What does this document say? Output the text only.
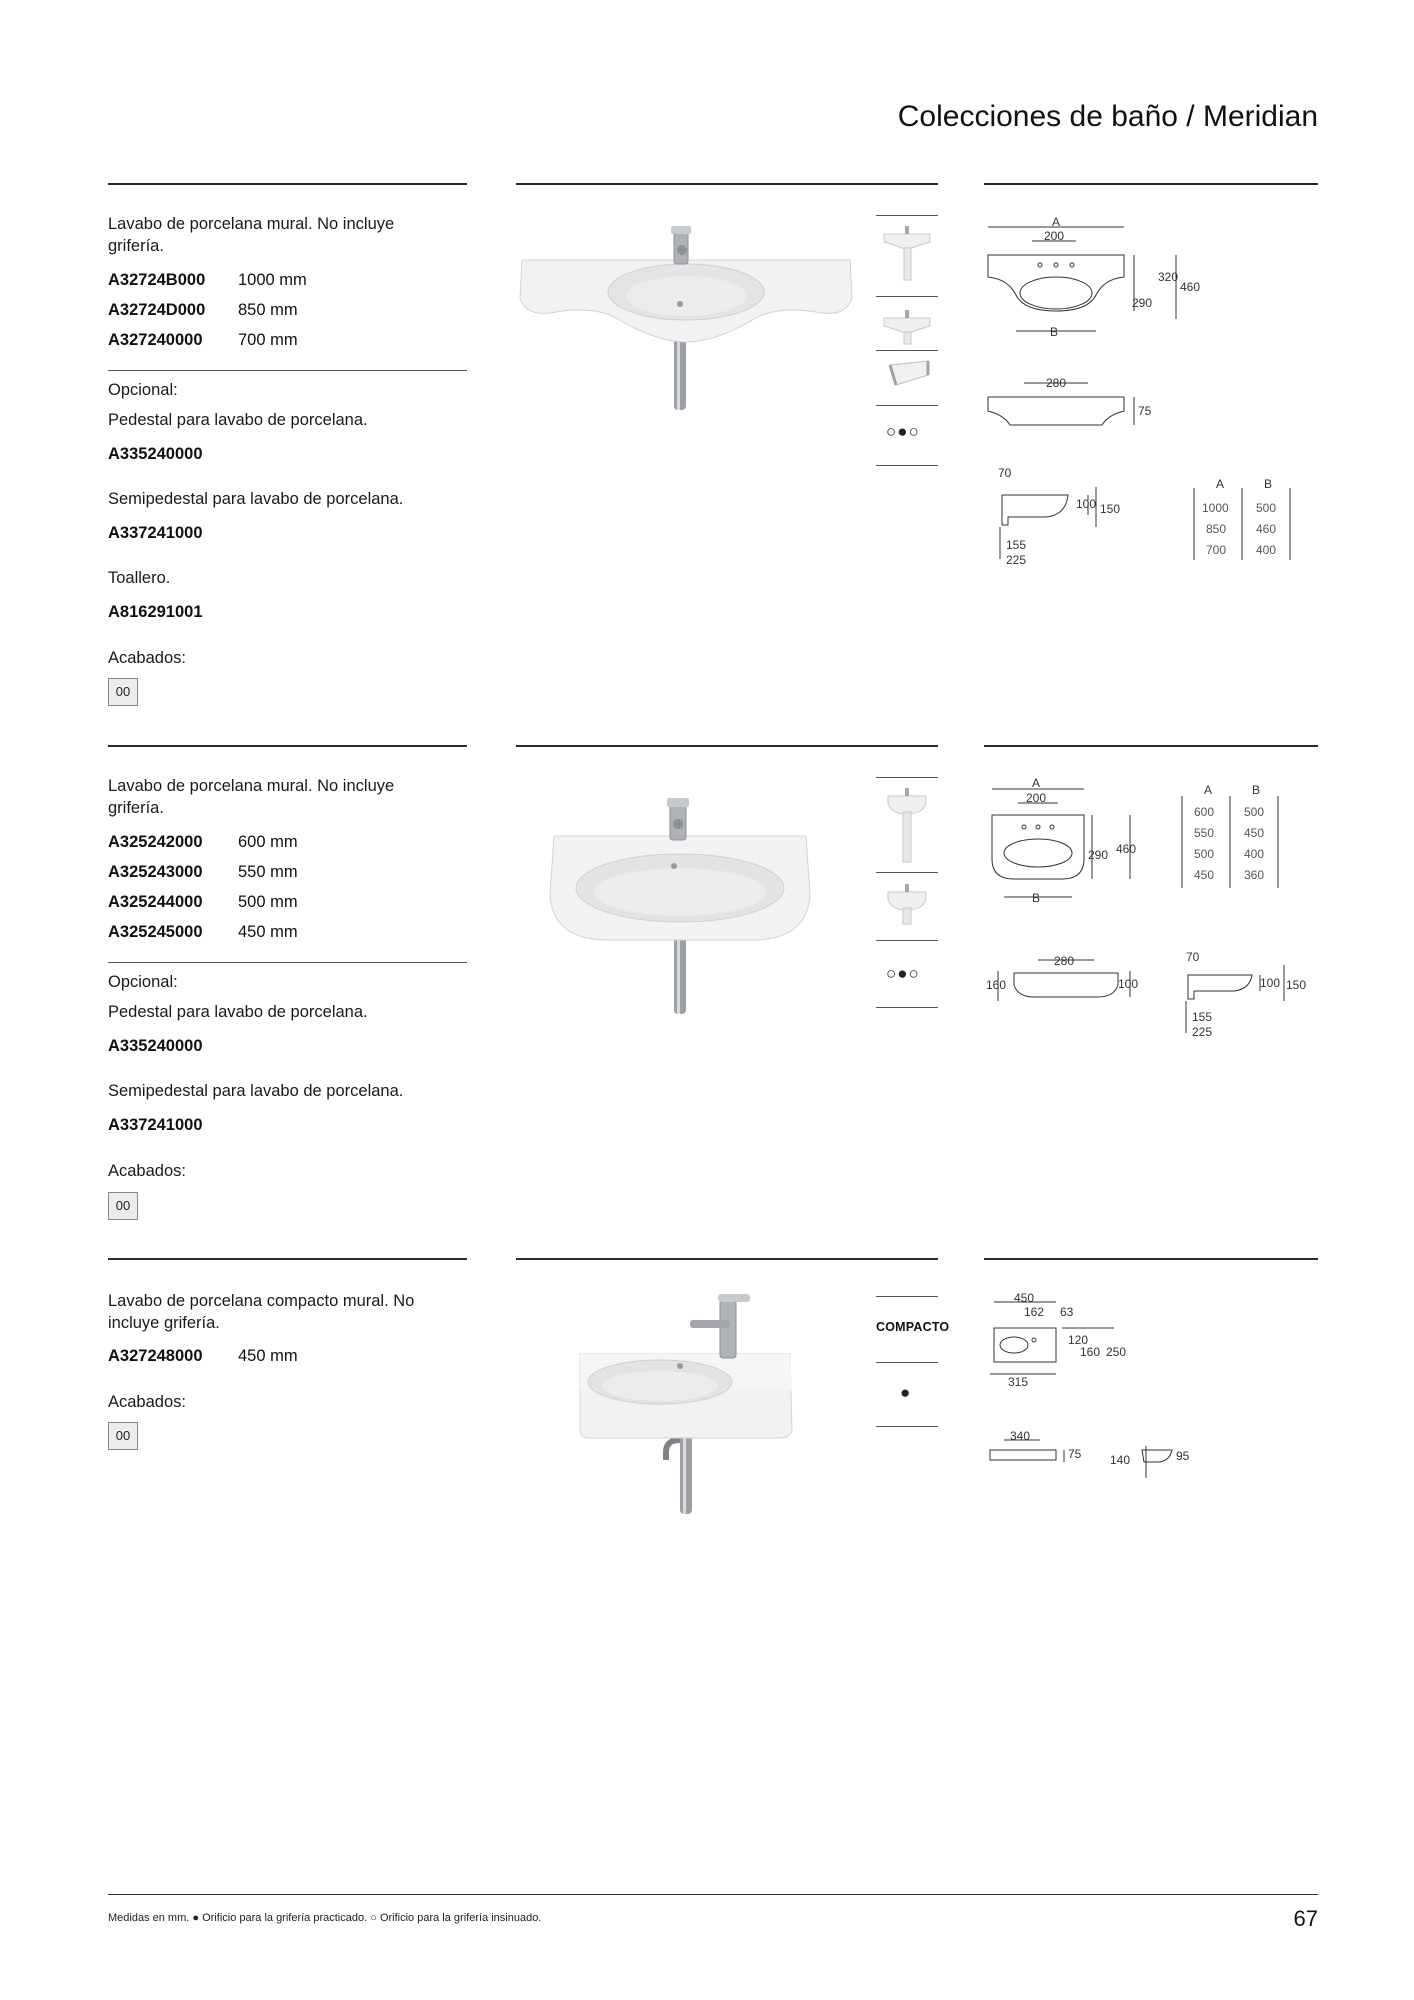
Colecciones de baño / Meridian
Lavabo de porcelana mural. No incluye grifería.
A32724B000 1000 mm
A32724D000 850 mm
A327240000 700 mm
Opcional:
Pedestal para lavabo de porcelana.
A335240000
Semipedestal para lavabo de porcelana.
A337241000
Toallero.
A816291001
Acabados:
00
○●○
A
200
290
320
460
B
280
75
70
100 150
155
225
A	B
1000 500
850 460
700 400
Lavabo de porcelana mural. No incluye grifería.
A325242000 600 mm
A325243000 550 mm
A325244000 500 mm
A325245000 450 mm
Opcional:
Pedestal para lavabo de porcelana.
A335240000
Semipedestal para lavabo de porcelana.
A337241000
Acabados:
00
○●○
A
200
290 460
B
280
160	100
70
100 150
155
225
A	B
600 500
550 450
500 400
450 360
Lavabo de porcelana compacto mural. No incluye grifería.
A327248000 450 mm
Acabados:
00
COMPACTO
●
450
162 63
120
160 250
315
340
75 140	95
Medidas en mm. ● Orificio para la grifería practicado. ○ Orificio para la grifería insinuado.	67
